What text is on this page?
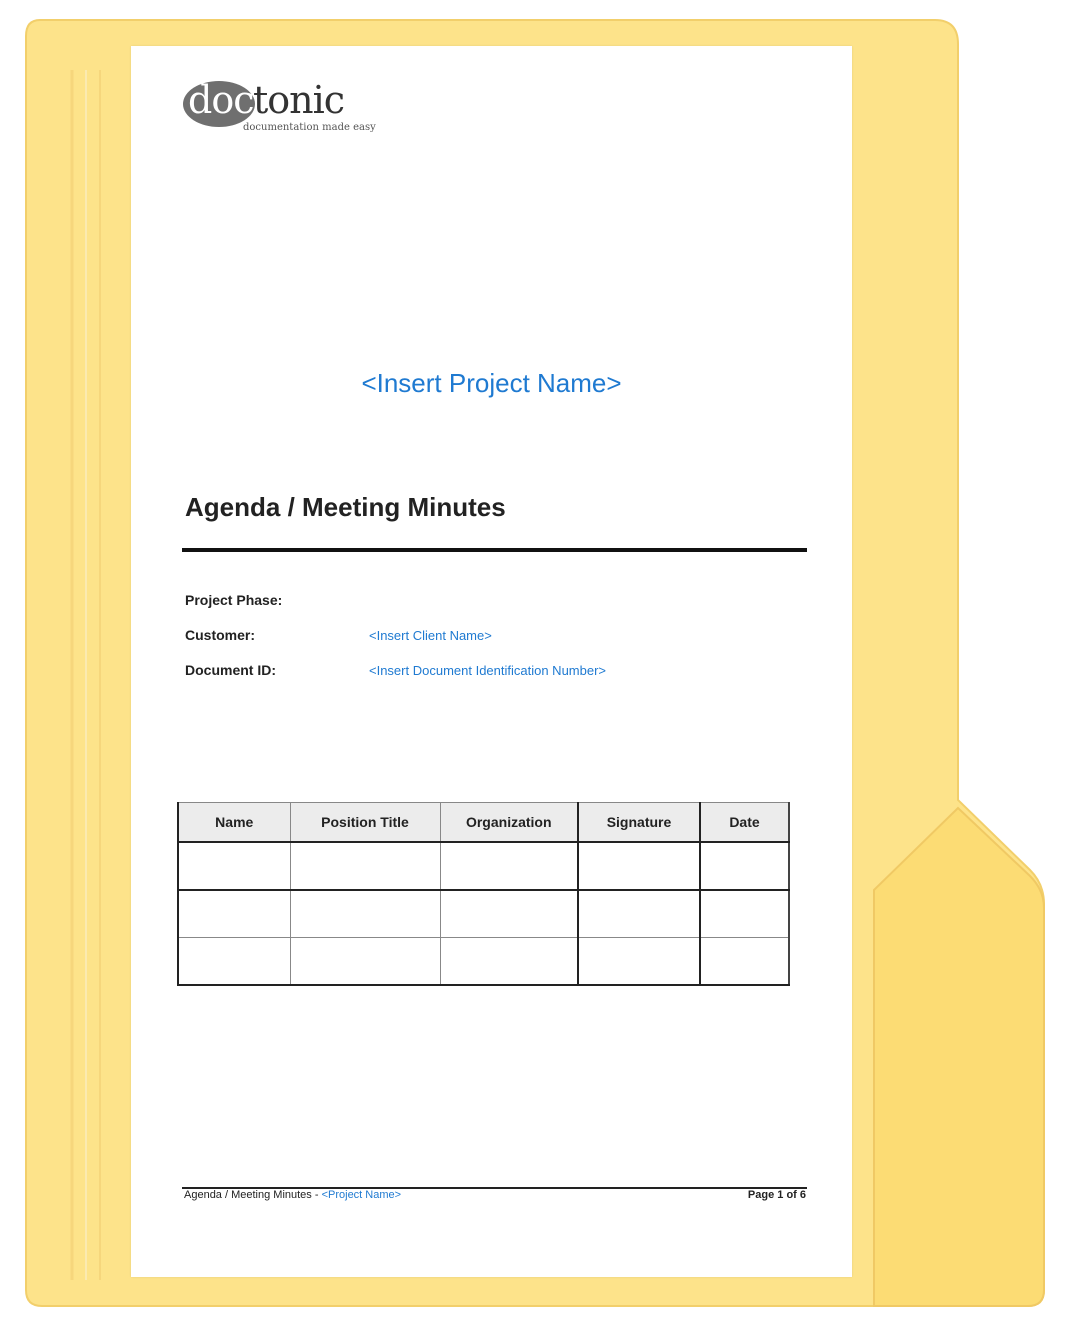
doc tonic
documentation made easy
<Insert Project Name>
Agenda / Meeting Minutes
Project Phase:
Customer:	<Insert Client Name>
Document ID:	<Insert Document Identification Number>
Name	Position Title	Organization	Signature	Date

Agenda / Meeting Minutes - <Project Name>	Page 1 of 6
